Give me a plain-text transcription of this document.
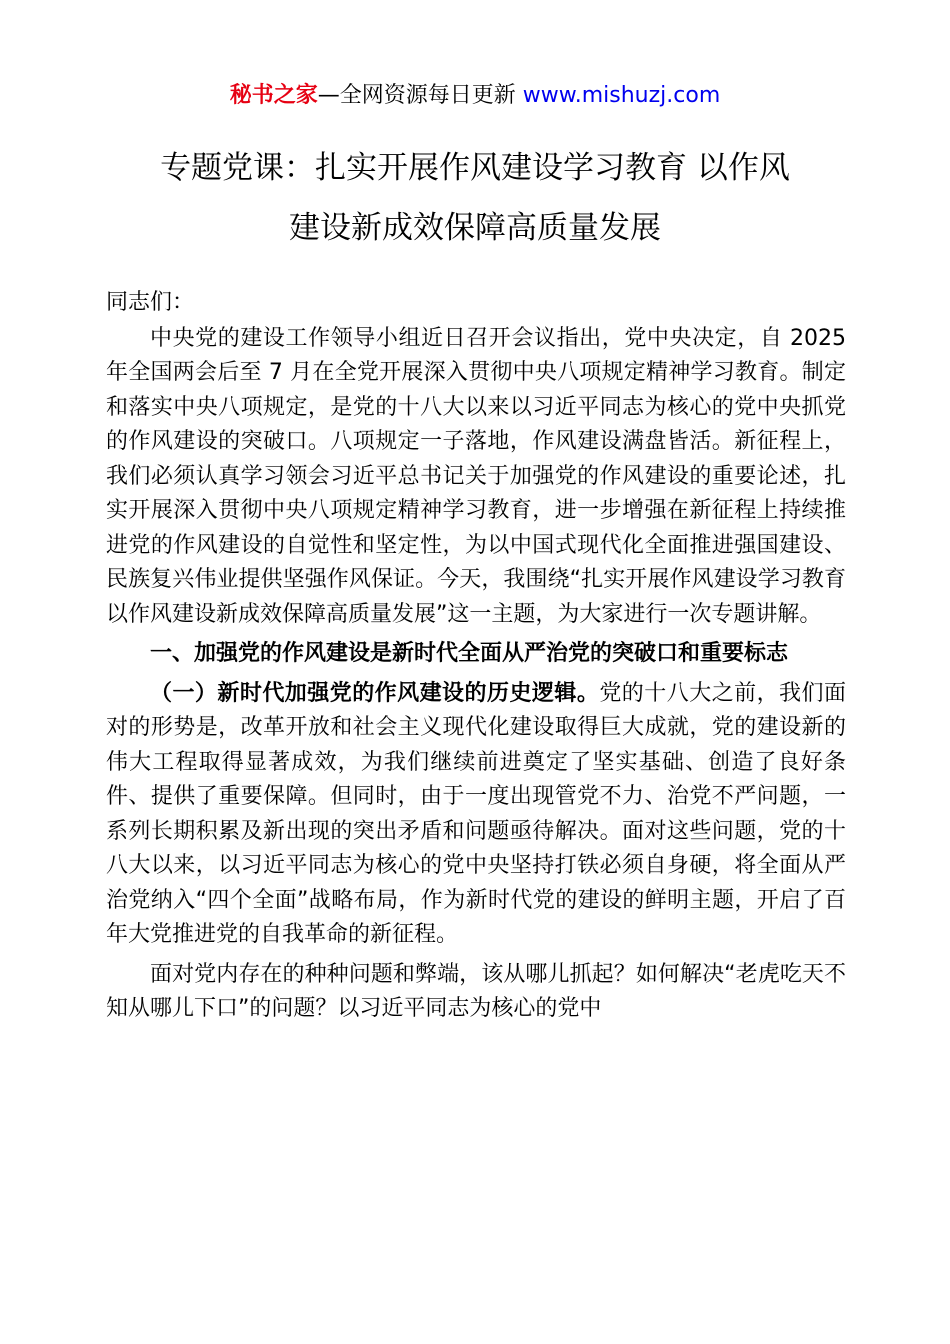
秘书之家—全网资源每日更新 www.mishuzj.com
专题党课：扎实开展作风建设学习教育 以作风
建设新成效保障高质量发展

同志们：

中央党的建设工作领导小组近日召开会议指出，党中央决定，自 2025 年全国两会后至 7 月在全党开展深入贯彻中央八项规定精神学习教育。制定和落实中央八项规定，是党的十八大以来以习近平同志为核心的党中央抓党的作风建设的突破口。八项规定一子落地，作风建设满盘皆活。新征程上，我们必须认真学习领会习近平总书记关于加强党的作风建设的重要论述，扎实开展深入贯彻中央八项规定精神学习教育，进一步增强在新征程上持续推进党的作风建设的自觉性和坚定性，为以中国式现代化全面推进强国建设、民族复兴伟业提供坚强作风保证。今天，我围绕“扎实开展作风建设学习教育 以作风建设新成效保障高质量发展”这一主题，为大家进行一次专题讲解。

一、加强党的作风建设是新时代全面从严治党的突破口和重要标志

（一）新时代加强党的作风建设的历史逻辑。党的十八大之前，我们面对的形势是，改革开放和社会主义现代化建设取得巨大成就，党的建设新的伟大工程取得显著成效，为我们继续前进奠定了坚实基础、创造了良好条件、提供了重要保障。但同时，由于一度出现管党不力、治党不严问题，一系列长期积累及新出现的突出矛盾和问题亟待解决。面对这些问题，党的十八大以来，以习近平同志为核心的党中央坚持打铁必须自身硬，将全面从严治党纳入“四个全面”战略布局，作为新时代党的建设的鲜明主题，开启了百年大党推进党的自我革命的新征程。

面对党内存在的种种问题和弊端，该从哪儿抓起？如何解决“老虎吃天不知从哪儿下口”的问题？以习近平同志为核心的党中
